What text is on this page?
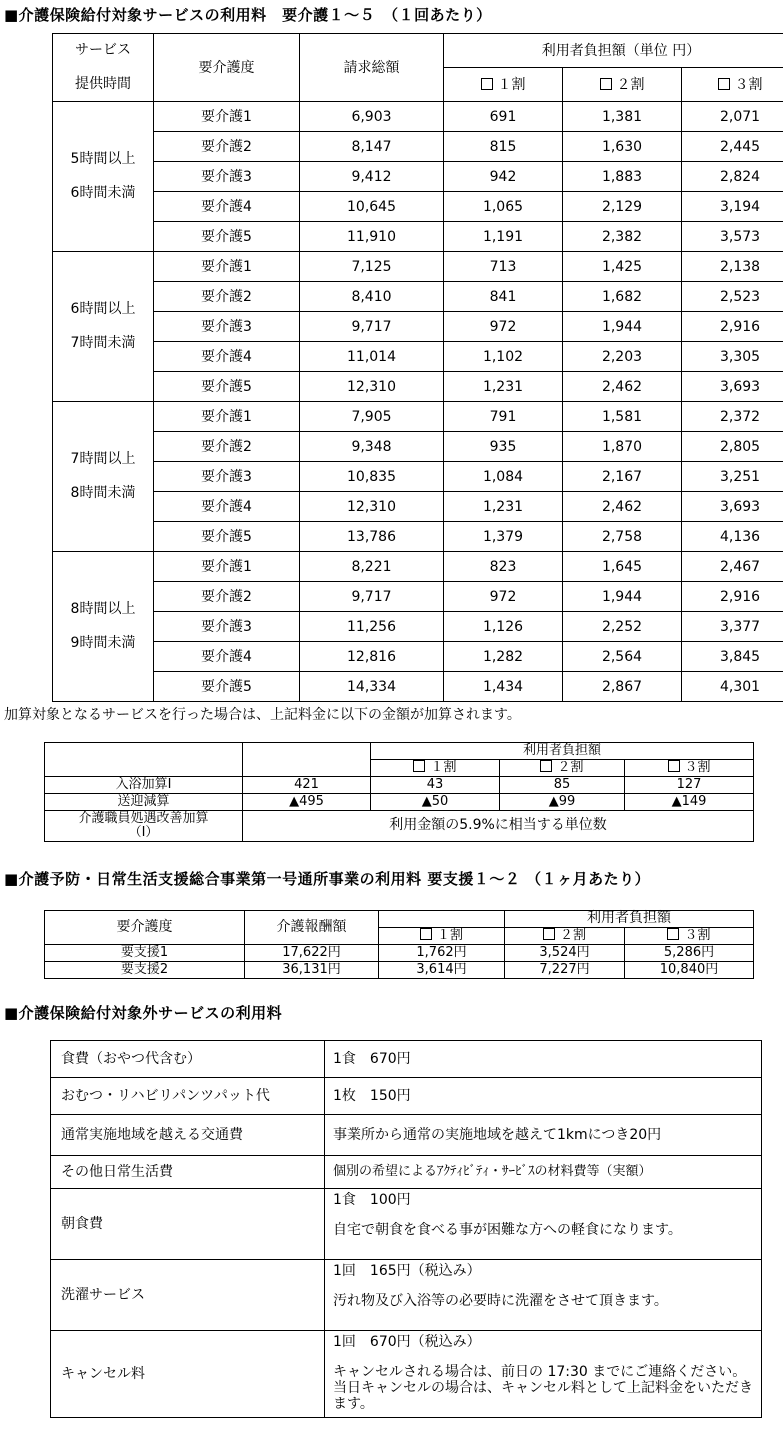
■介護保険給付対象サービスの利用料　要介護１～５　（１回あたり）
サービス
提供時間	要介護度	請求総額	利用者負担額（単位 円）		
			１割	２割	３割
5時間以上
6時間未満	要介護1	6,903	691	1,381	2,071
	要介護2	8,147	815	1,630	2,445
	要介護3	9,412	942	1,883	2,824
	要介護4	10,645	1,065	2,129	3,194
	要介護5	11,910	1,191	2,382	3,573
6時間以上
7時間未満	要介護1	7,125	713	1,425	2,138
	要介護2	8,410	841	1,682	2,523
	要介護3	9,717	972	1,944	2,916
	要介護4	11,014	1,102	2,203	3,305
	要介護5	12,310	1,231	2,462	3,693
7時間以上
8時間未満	要介護1	7,905	791	1,581	2,372
	要介護2	9,348	935	1,870	2,805
	要介護3	10,835	1,084	2,167	3,251
	要介護4	12,310	1,231	2,462	3,693
	要介護5	13,786	1,379	2,758	4,136
8時間以上
9時間未満	要介護1	8,221	823	1,645	2,467
	要介護2	9,717	972	1,944	2,916
	要介護3	11,256	1,126	2,252	3,377
	要介護4	12,816	1,282	2,564	3,845
	要介護5	14,334	1,434	2,867	4,301
加算対象となるサービスを行った場合は、上記料金に以下の金額が加算されます。
		利用者負担額		
		１割	２割	３割
入浴加算Ⅰ	421	43	85	127
送迎減算	▲495	▲50	▲99	▲149
介護職員処遇改善加算
（Ⅰ）	利用金額の5.9%に相当する単位数			
■介護予防・日常生活支援総合事業第一号通所事業の利用料 要支援１～２ （１ヶ月あたり）
要介護度	介護報酬額		利用者負担額	
		１割	２割	３割
要支援1	17,622円	1,762円	3,524円	5,286円
要支援2	36,131円	3,614円	7,227円	10,840円
■介護保険給付対象外サービスの利用料
食費（おやつ代含む）	1食　670円
おむつ・リハビリパンツパット代	1枚　150円
通常実施地域を越える交通費	事業所から通常の実施地域を越えて1kmにつき20円
その他日常生活費	個別の希望によるｱｸﾃｨﾋﾞﾃｨ・ｻｰﾋﾞｽの材料費等（実額）
朝食費	1食　100円
自宅で朝食を食べる事が困難な方への軽食になります。

洗濯サービス	1回　165円（税込み）
汚れ物及び入浴等の必要時に洗濯をさせて頂きます。

キャンセル料	1回　670円（税込み）
キャンセルされる場合は、前日の 17:30 までにご連絡ください。当日キャンセルの場合は、キャンセル料として上記料金をいただきます。
